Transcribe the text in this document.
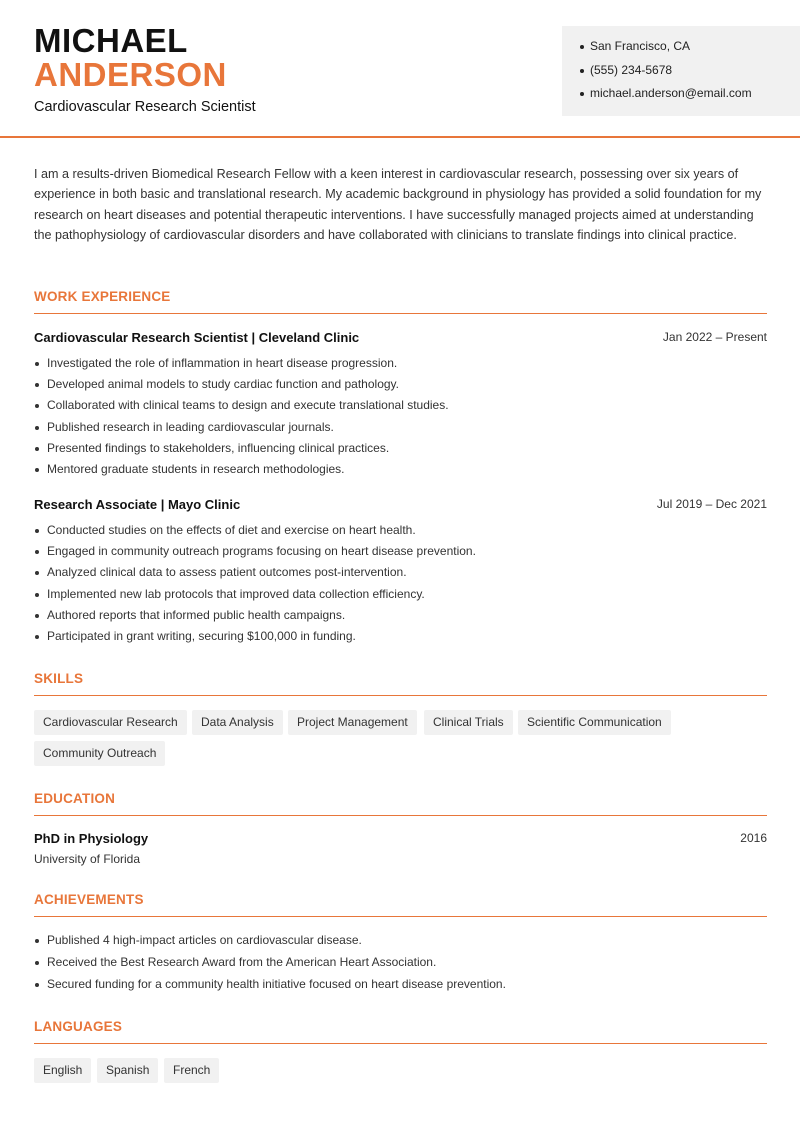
MICHAEL
ANDERSON
Cardiovascular Research Scientist
San Francisco, CA
(555) 234-5678
michael.anderson@email.com
I am a results-driven Biomedical Research Fellow with a keen interest in cardiovascular research, possessing over six years of experience in both basic and translational research. My academic background in physiology has provided a solid foundation for my research on heart diseases and potential therapeutic interventions. I have successfully managed projects aimed at understanding the pathophysiology of cardiovascular disorders and have collaborated with clinicians to translate findings into clinical practice.
WORK EXPERIENCE
Cardiovascular Research Scientist | Cleveland Clinic	Jan 2022 – Present
Investigated the role of inflammation in heart disease progression.
Developed animal models to study cardiac function and pathology.
Collaborated with clinical teams to design and execute translational studies.
Published research in leading cardiovascular journals.
Presented findings to stakeholders, influencing clinical practices.
Mentored graduate students in research methodologies.
Research Associate | Mayo Clinic	Jul 2019 – Dec 2021
Conducted studies on the effects of diet and exercise on heart health.
Engaged in community outreach programs focusing on heart disease prevention.
Analyzed clinical data to assess patient outcomes post-intervention.
Implemented new lab protocols that improved data collection efficiency.
Authored reports that informed public health campaigns.
Participated in grant writing, securing $100,000 in funding.
SKILLS
Cardiovascular Research	Data Analysis	Project Management	Clinical Trials	Scientific Communication
Community Outreach
EDUCATION
PhD in Physiology	2016
University of Florida
ACHIEVEMENTS
Published 4 high-impact articles on cardiovascular disease.
Received the Best Research Award from the American Heart Association.
Secured funding for a community health initiative focused on heart disease prevention.
LANGUAGES
English	Spanish	French
